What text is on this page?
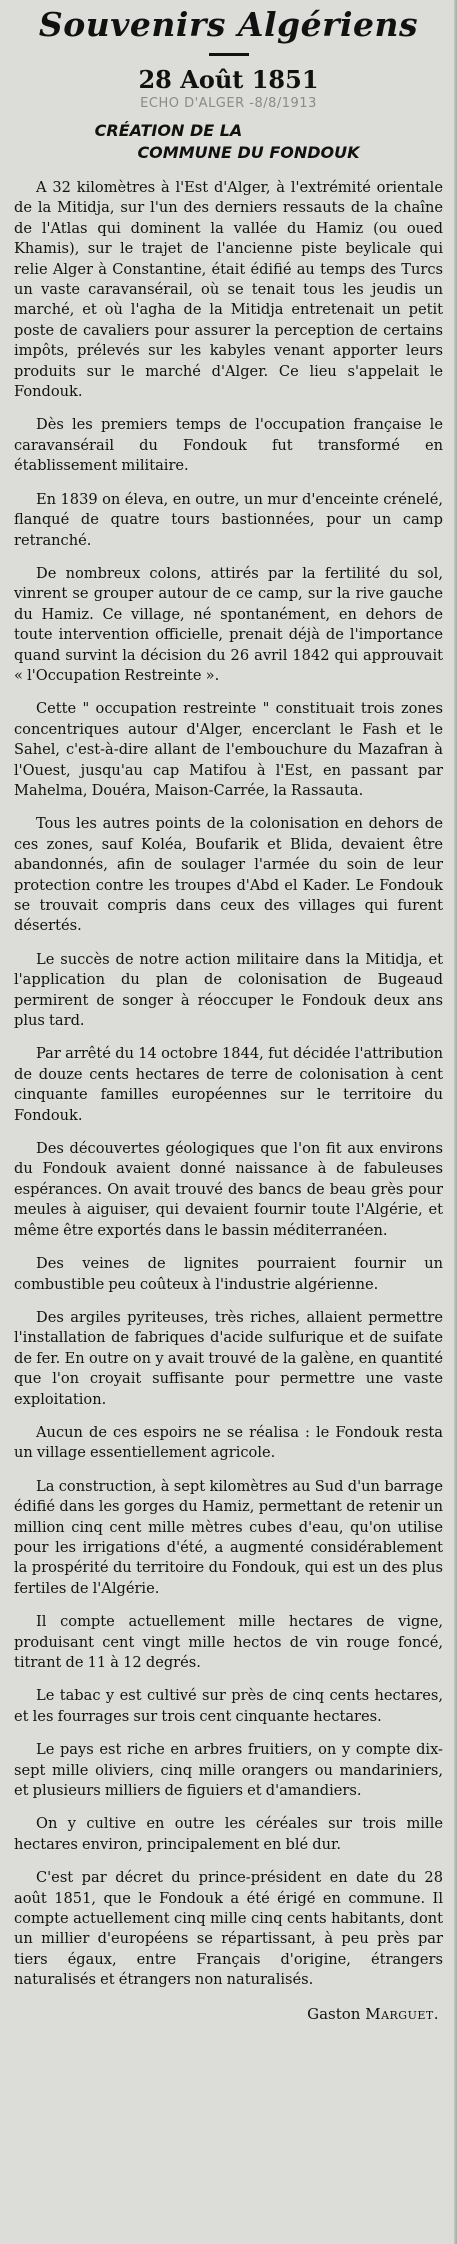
Souvenirs Algériens
28 Août 1851
ECHO D'ALGER -8/8/1913
CRÉATION DE LA
COMMUNE DU FONDOUK

A 32 kilomètres à l'Est d'Alger, à l'extrémité orientale de la Mitidja, sur l'un des derniers ressauts de la chaîne de l'Atlas qui dominent la vallée du Hamiz (ou oued Khamis), sur le trajet de l'ancienne piste beylicale qui relie Alger à Constantine, était édifié au temps des Turcs un vaste caravansérail, où se tenait tous les jeudis un marché, et où l'agha de la Mitidja entretenait un petit poste de cavaliers pour assurer la perception de certains impôts, prélevés sur les kabyles venant apporter leurs produits sur le marché d'Alger. Ce lieu s'appelait le Fondouk.

Dès les premiers temps de l'occupation française le caravansérail du Fondouk fut transformé en établissement militaire.

En 1839 on éleva, en outre, un mur d'enceinte crénelé, flanqué de quatre tours bastionnées, pour un camp retranché.

De nombreux colons, attirés par la fertilité du sol, vinrent se grouper autour de ce camp, sur la rive gauche du Hamiz. Ce village, né spontanément, en dehors de toute intervention officielle, prenait déjà de l'importance quand survint la décision du 26 avril 1842 qui approuvait « l'Occupation Restreinte ».

Cette " occupation restreinte " constituait trois zones concentriques autour d'Alger, encerclant le Fash et le Sahel, c'est-à-dire allant de l'embouchure du Mazafran à l'Ouest, jusqu'au cap Matifou à l'Est, en passant par Mahelma, Douéra, Maison-Carrée, la Rassauta.

Tous les autres points de la colonisation en dehors de ces zones, sauf Koléa, Boufarik et Blida, devaient être abandonnés, afin de soulager l'armée du soin de leur protection contre les troupes d'Abd el Kader. Le Fondouk se trouvait compris dans ceux des villages qui furent désertés.

Le succès de notre action militaire dans la Mitidja, et l'application du plan de colonisation de Bugeaud permirent de songer à réoccuper le Fondouk deux ans plus tard.

Par arrêté du 14 octobre 1844, fut décidée l'attribution de douze cents hectares de terre de colonisation à cent cinquante familles européennes sur le territoire du Fondouk.

Des découvertes géologiques que l'on fit aux environs du Fondouk avaient donné naissance à de fabuleuses espérances. On avait trouvé des bancs de beau grès pour meules à aiguiser, qui devaient fournir toute l'Algérie, et même être exportés dans le bassin méditerranéen.

Des veines de lignites pourraient fournir un combustible peu coûteux à l'industrie algérienne.

Des argiles pyriteuses, très riches, allaient permettre l'installation de fabriques d'acide sulfurique et de suifate de fer. En outre on y avait trouvé de la galène, en quantité que l'on croyait suffisante pour permettre une vaste exploitation.

Aucun de ces espoirs ne se réalisa : le Fondouk resta un village essentiellement agricole.

La construction, à sept kilomètres au Sud d'un barrage édifié dans les gorges du Hamiz, permettant de retenir un million cinq cent mille mètres cubes d'eau, qu'on utilise pour les irrigations d'été, a augmenté considérablement la prospérité du territoire du Fondouk, qui est un des plus fertiles de l'Algérie.

Il compte actuellement mille hectares de vigne, produisant cent vingt mille hectos de vin rouge foncé, titrant de 11 à 12 degrés.

Le tabac y est cultivé sur près de cinq cents hectares, et les fourrages sur trois cent cinquante hectares.

Le pays est riche en arbres fruitiers, on y compte dix-sept mille oliviers, cinq mille orangers ou mandariniers, et plusieurs milliers de figuiers et d'amandiers.

On y cultive en outre les céréales sur trois mille hectares environ, principalement en blé dur.

C'est par décret du prince-président en date du 28 août 1851, que le Fondouk a été érigé en commune. Il compte actuellement cinq mille cinq cents habitants, dont un millier d'européens se répartissant, à peu près par tiers égaux, entre Français d'origine, étrangers naturalisés et étrangers non naturalisés.

Gaston Marguet.
